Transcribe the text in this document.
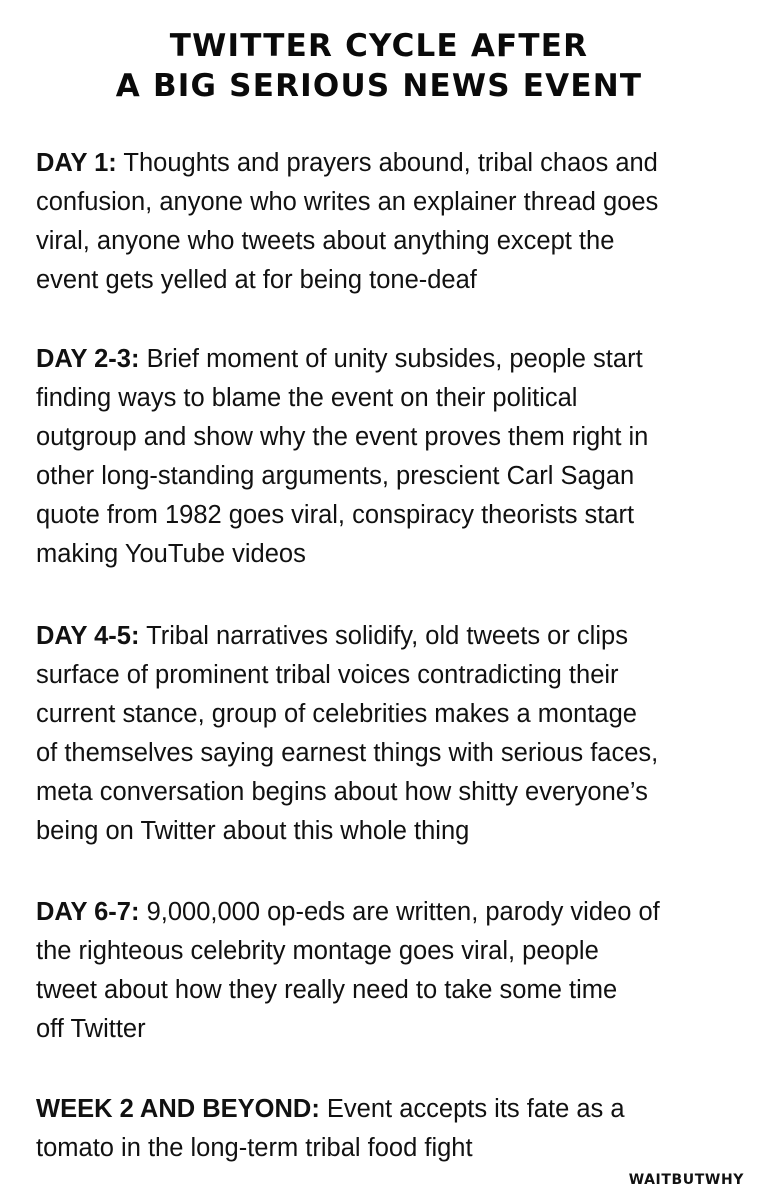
TWITTER CYCLE AFTER
A BIG SERIOUS NEWS EVENT
DAY 1: Thoughts and prayers abound, tribal chaos and
confusion, anyone who writes an explainer thread goes
viral, anyone who tweets about anything except the
event gets yelled at for being tone-deaf
DAY 2-3: Brief moment of unity subsides, people start
finding ways to blame the event on their political
outgroup and show why the event proves them right in
other long-standing arguments, prescient Carl Sagan
quote from 1982 goes viral, conspiracy theorists start
making YouTube videos
DAY 4-5: Tribal narratives solidify, old tweets or clips
surface of prominent tribal voices contradicting their
current stance, group of celebrities makes a montage
of themselves saying earnest things with serious faces,
meta conversation begins about how shitty everyone’s
being on Twitter about this whole thing
DAY 6-7: 9,000,000 op-eds are written, parody video of
the righteous celebrity montage goes viral, people
tweet about how they really need to take some time
off Twitter
WEEK 2 AND BEYOND: Event accepts its fate as a
tomato in the long-term tribal food fight
WAITBUTWHY
